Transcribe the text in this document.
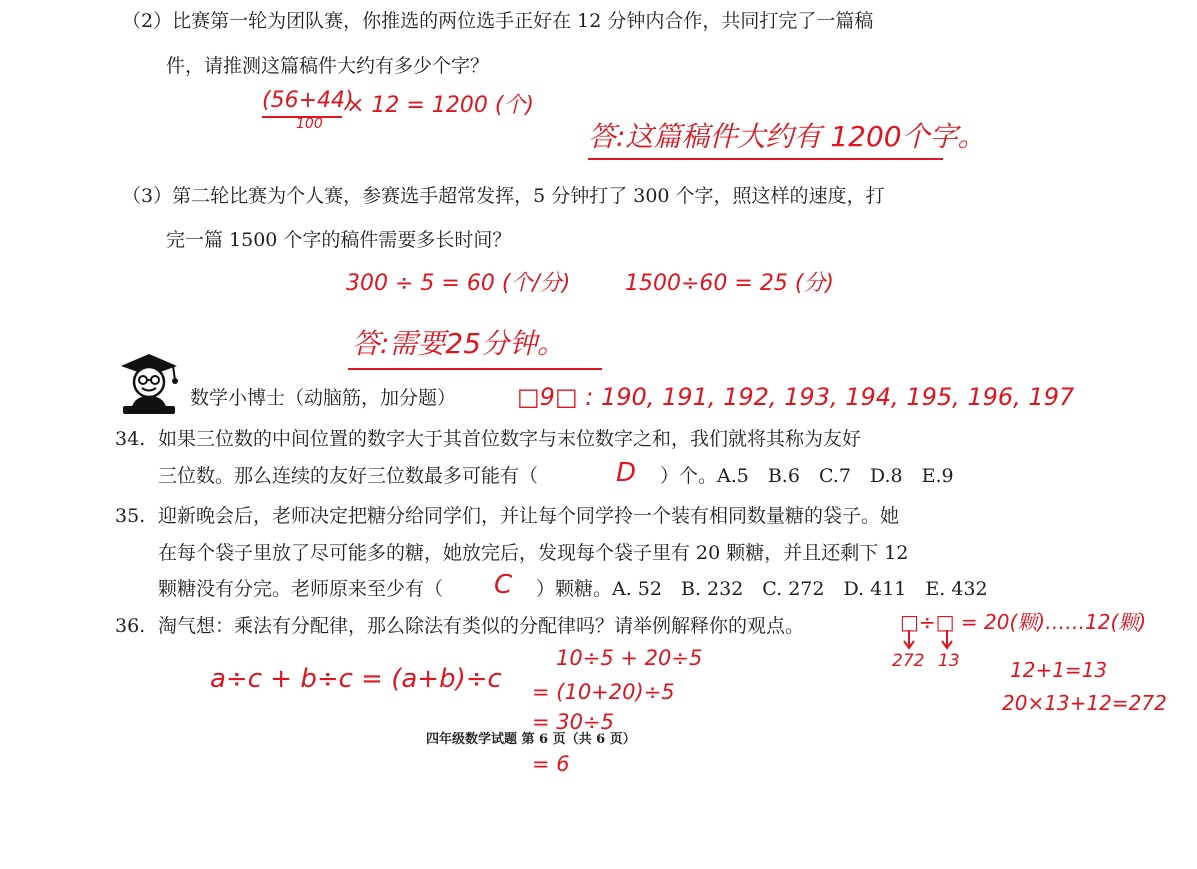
（2）比赛第一轮为团队赛，你推选的两位选手正好在 12 分钟内合作，共同打完了一篇稿
件，请推测这篇稿件大约有多少个字？
(56+44)
× 12 = 1200 (个)
100	答:这篇稿件大约有 1200个字。
（3）第二轮比赛为个人赛，参赛选手超常发挥，5 分钟打了 300 个字，照这样的速度，打
完一篇 1500 个字的稿件需要多长时间？
300 ÷ 5 = 60 (个/分) 1500÷60 = 25 (分)
答:需要25分钟。
数学小博士（动脑筋，加分题）	□9□ : 190, 191, 192, 193, 194, 195, 196, 197
34. 如果三位数的中间位置的数字大于其首位数字与末位数字之和，我们就将其称为友好
三位数。那么连续的友好三位数最多可能有（	D ）个。A.5　B.6　C.7　D.8　E.9
35. 迎新晚会后，老师决定把糖分给同学们，并让每个同学拎一个装有相同数量糖的袋子。她
在每个袋子里放了尽可能多的糖，她放完后，发现每个袋子里有 20 颗糖，并且还剩下 12
颗糖没有分完。老师原来至少有（ C ）颗糖。A. 52　B. 232　C. 272　D. 411　E. 432
36. 淘气想：乘法有分配律，那么除法有类似的分配律吗？请举例解释你的观点。	□÷□ = 20(颗)……12(颗)
272 13	12+1=13
20×13+12=272
a÷c + b÷c = (a+b)÷c
10÷5 + 20÷5
= (10+20)÷5
= 30÷5
= 6
四年级数学试题 第 6 页（共 6 页）
